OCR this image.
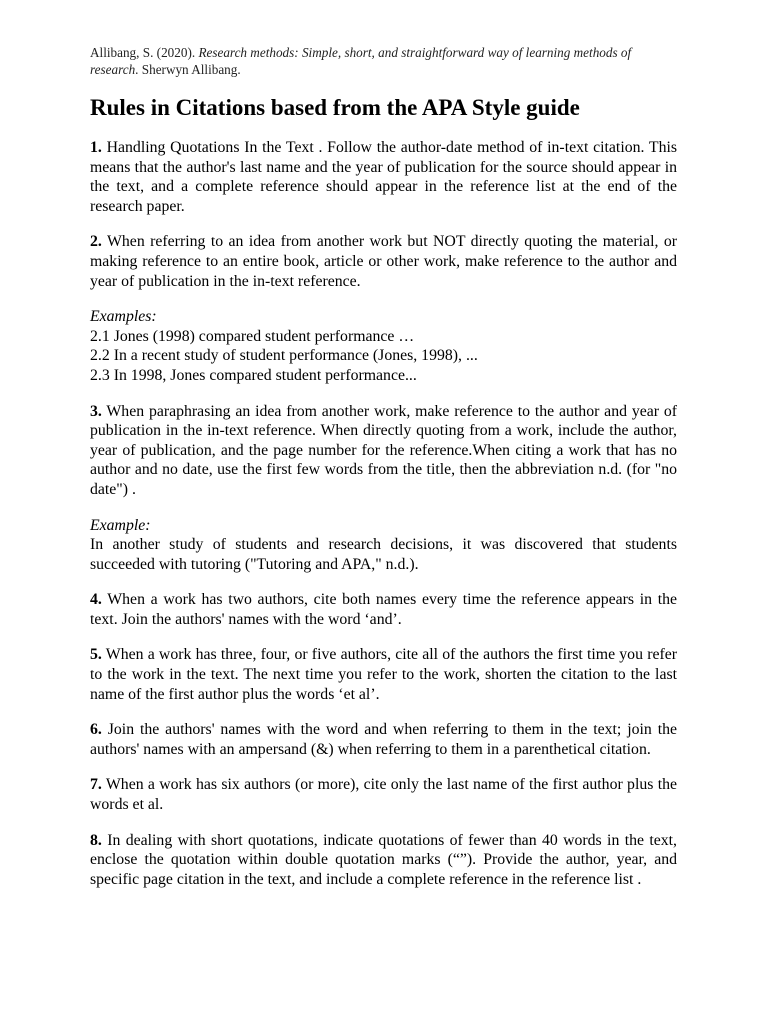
Allibang, S. (2020). Research methods: Simple, short, and straightforward way of learning methods of research. Sherwyn Allibang.

Rules in Citations based from the APA Style guide

1. Handling Quotations In the Text . Follow the author-date method of in-text citation. This means that the author's last name and the year of publication for the source should appear in the text, and a complete reference should appear in the reference list at the end of the research paper.

2. When referring to an idea from another work but NOT directly quoting the material, or making reference to an entire book, article or other work, make reference to the author and year of publication in the in-text reference.

Examples:

2.1 Jones (1998) compared student performance …

2.2 In a recent study of student performance (Jones, 1998), ...

2.3 In 1998, Jones compared student performance...

3. When paraphrasing an idea from another work, make reference to the author and year of publication in the in-text reference. When directly quoting from a work, include the author, year of publication, and the page number for the reference.When citing a work that has no author and no date, use the first few words from the title, then the abbreviation n.d. (for "no date") .

Example:

In another study of students and research decisions, it was discovered that students succeeded with tutoring ("Tutoring and APA," n.d.).

4. When a work has two authors, cite both names every time the reference appears in the text. Join the authors' names with the word ‘and’.

5. When a work has three, four, or five authors, cite all of the authors the first time you refer to the work in the text. The next time you refer to the work, shorten the citation to the last name of the first author plus the words ‘et al’.

6. Join the authors' names with the word and when referring to them in the text; join the authors' names with an ampersand (&) when referring to them in a parenthetical citation.

7. When a work has six authors (or more), cite only the last name of the first author plus the words et al.

8. In dealing with short quotations, indicate quotations of fewer than 40 words in the text, enclose the quotation within double quotation marks (“”). Provide the author, year, and specific page citation in the text, and include a complete reference in the reference list .
